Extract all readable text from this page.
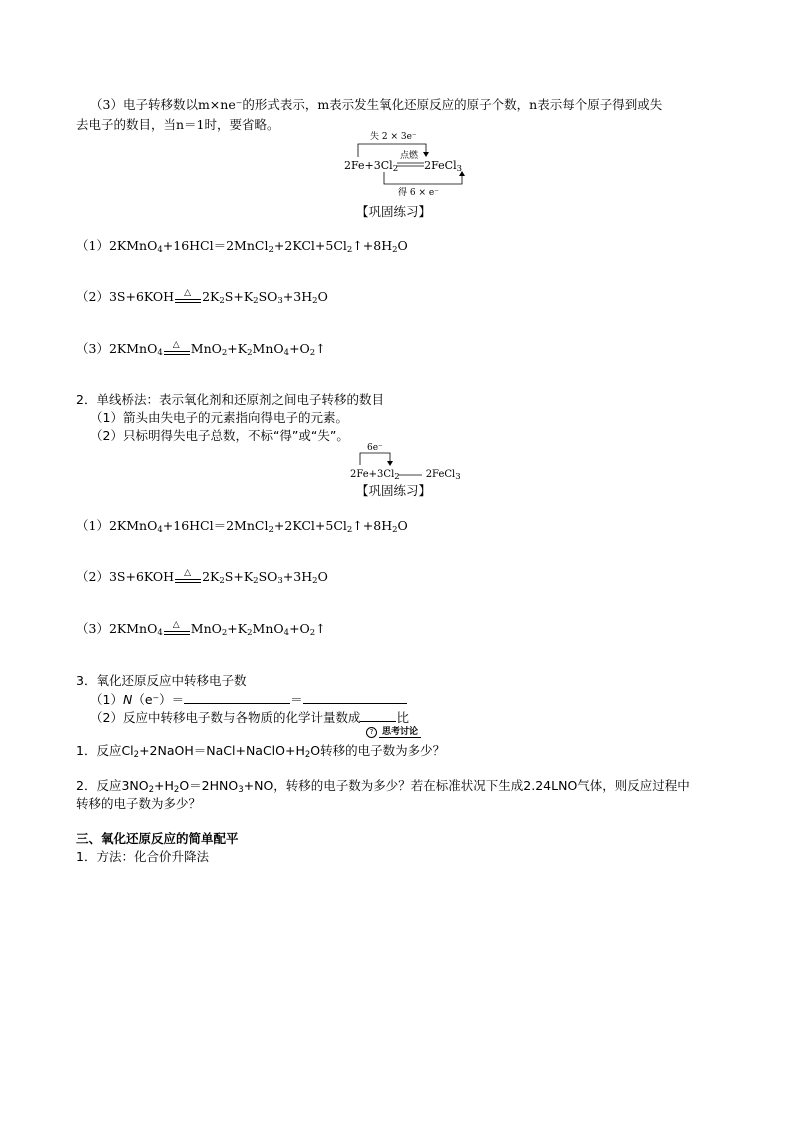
（3）电子转移数以m×ne⁻的形式表示，m表示发生氧化还原反应的原子个数，n表示每个原子得到或失
去电子的数目，当n＝1时，要省略。
失 2 × 3e⁻
点燃
$2Fe+3Cl_2$ 2FeCl$_3$
得 6 × e⁻
【巩固练习】
$(1)2KMnO_4+16HCl=2MnCl_2+2KCl+5Cl_2↑+8H_2O$
（2）3S+6KOH △ $2K_2S+K_2SO_3+3H_2O$
（3）2KMnO$_4$
△ $MnO_2+K_2MnO_4+O_2↑$
2．单线桥法：表示氧化剂和还原剂之间电子转移的数目
（1）箭头由失电子的元素指向得电子的元素。
（2）只标明得失电子总数，不标“得”或“失”。
6e⁻
$2Fe+3Cl_2$	2FeCl$_3$
【巩固练习】
$(1)2KMnO_4+16HCl=2MnCl_2+2KCl+5Cl_2↑+8H_2O$
（2）3S+6KOH △ $2K_2S+K_2SO_3+3H_2O$
（3）2KMnO$_4$
△ $MnO_2+K_2MnO_4+O_2↑$
3．氧化还原反应中转移电子数
（1）N（e⁻）＝	＝
（2）反应中转移电子数与各物质的化学计量数成	比
? 思考讨论
1．反应$Cl_2+2NaOH=NaCl+NaClO+H_2O$转移的电子数为多少？
2．反应$3NO_2+H_2O=2HNO_3+NO$，转移的电子数为多少？若在标准状况下生成2.24LNO气体，则反应过程中
转移的电子数为多少？
三、氧化还原反应的简单配平
1．方法：化合价升降法
